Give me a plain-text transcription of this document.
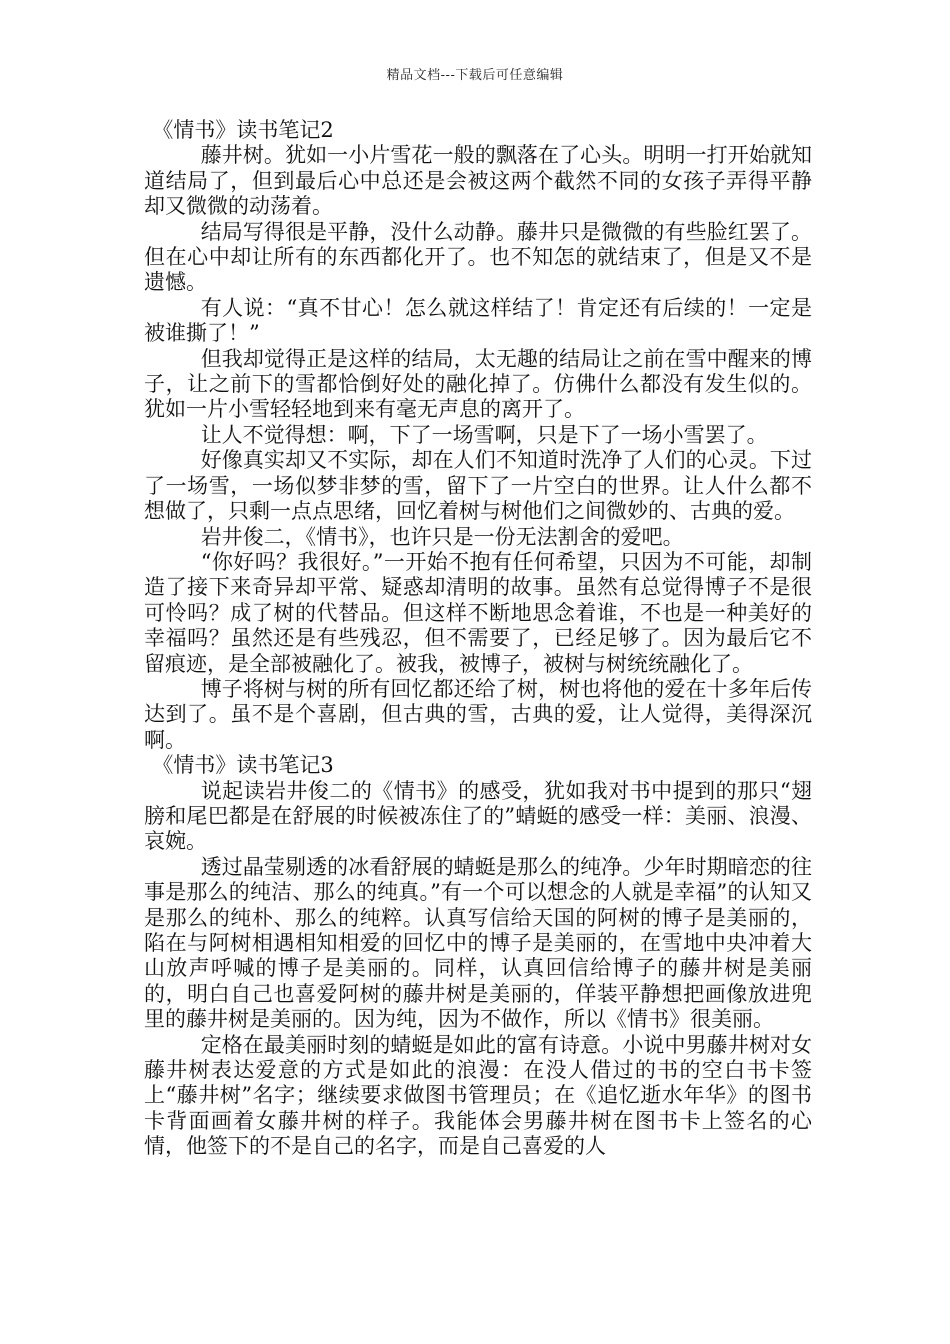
精品文档---下载后可任意编辑

《情书》读书笔记2

藤井树。犹如一小片雪花一般的飘落在了心头。明明一打开始就知道结局了，但到最后心中总还是会被这两个截然不同的女孩子弄得平静却又微微的动荡着。

结局写得很是平静，没什么动静。藤井只是微微的有些脸红罢了。但在心中却让所有的东西都化开了。也不知怎的就结束了，但是又不是遗憾。

有人说：“真不甘心！怎么就这样结了！肯定还有后续的！一定是被谁撕了！”

但我却觉得正是这样的结局，太无趣的结局让之前在雪中醒来的博子，让之前下的雪都恰倒好处的融化掉了。仿佛什么都没有发生似的。犹如一片小雪轻轻地到来有毫无声息的离开了。

让人不觉得想：啊，下了一场雪啊，只是下了一场小雪罢了。

好像真实却又不实际，却在人们不知道时洗净了人们的心灵。下过了一场雪，一场似梦非梦的雪，留下了一片空白的世界。让人什么都不想做了，只剩一点点思绪，回忆着树与树他们之间微妙的、古典的爱。

岩井俊二，《情书》，也许只是一份无法割舍的爱吧。

“你好吗？我很好。”一开始不抱有任何希望，只因为不可能，却制造了接下来奇异却平常、疑惑却清明的故事。虽然有总觉得博子不是很可怜吗？成了树的代替品。但这样不断地思念着谁，不也是一种美好的幸福吗？虽然还是有些残忍，但不需要了，已经足够了。因为最后它不留痕迹，是全部被融化了。被我，被博子，被树与树统统融化了。

博子将树与树的所有回忆都还给了树，树也将他的爱在十多年后传达到了。虽不是个喜剧，但古典的雪，古典的爱，让人觉得，美得深沉啊。

《情书》读书笔记3

说起读岩井俊二的《情书》的感受，犹如我对书中提到的那只“翅膀和尾巴都是在舒展的时候被冻住了的”蜻蜓的感受一样：美丽、浪漫、哀婉。

透过晶莹剔透的冰看舒展的蜻蜓是那么的纯净。少年时期暗恋的往事是那么的纯洁、那么的纯真。”有一个可以想念的人就是幸福”的认知又是那么的纯朴、那么的纯粹。认真写信给天国的阿树的博子是美丽的，陷在与阿树相遇相知相爱的回忆中的博子是美丽的，在雪地中央冲着大山放声呼喊的博子是美丽的。同样，认真回信给博子的藤井树是美丽的，明白自己也喜爱阿树的藤井树是美丽的，佯装平静想把画像放进兜里的藤井树是美丽的。因为纯，因为不做作，所以《情书》很美丽。

定格在最美丽时刻的蜻蜓是如此的富有诗意。小说中男藤井树对女藤井树表达爱意的方式是如此的浪漫：在没人借过的书的空白书卡签上“藤井树”名字；继续要求做图书管理员；在《追忆逝水年华》的图书卡背面画着女藤井树的样子。我能体会男藤井树在图书卡上签名的心情，他签下的不是自己的名字，而是自己喜爱的人
